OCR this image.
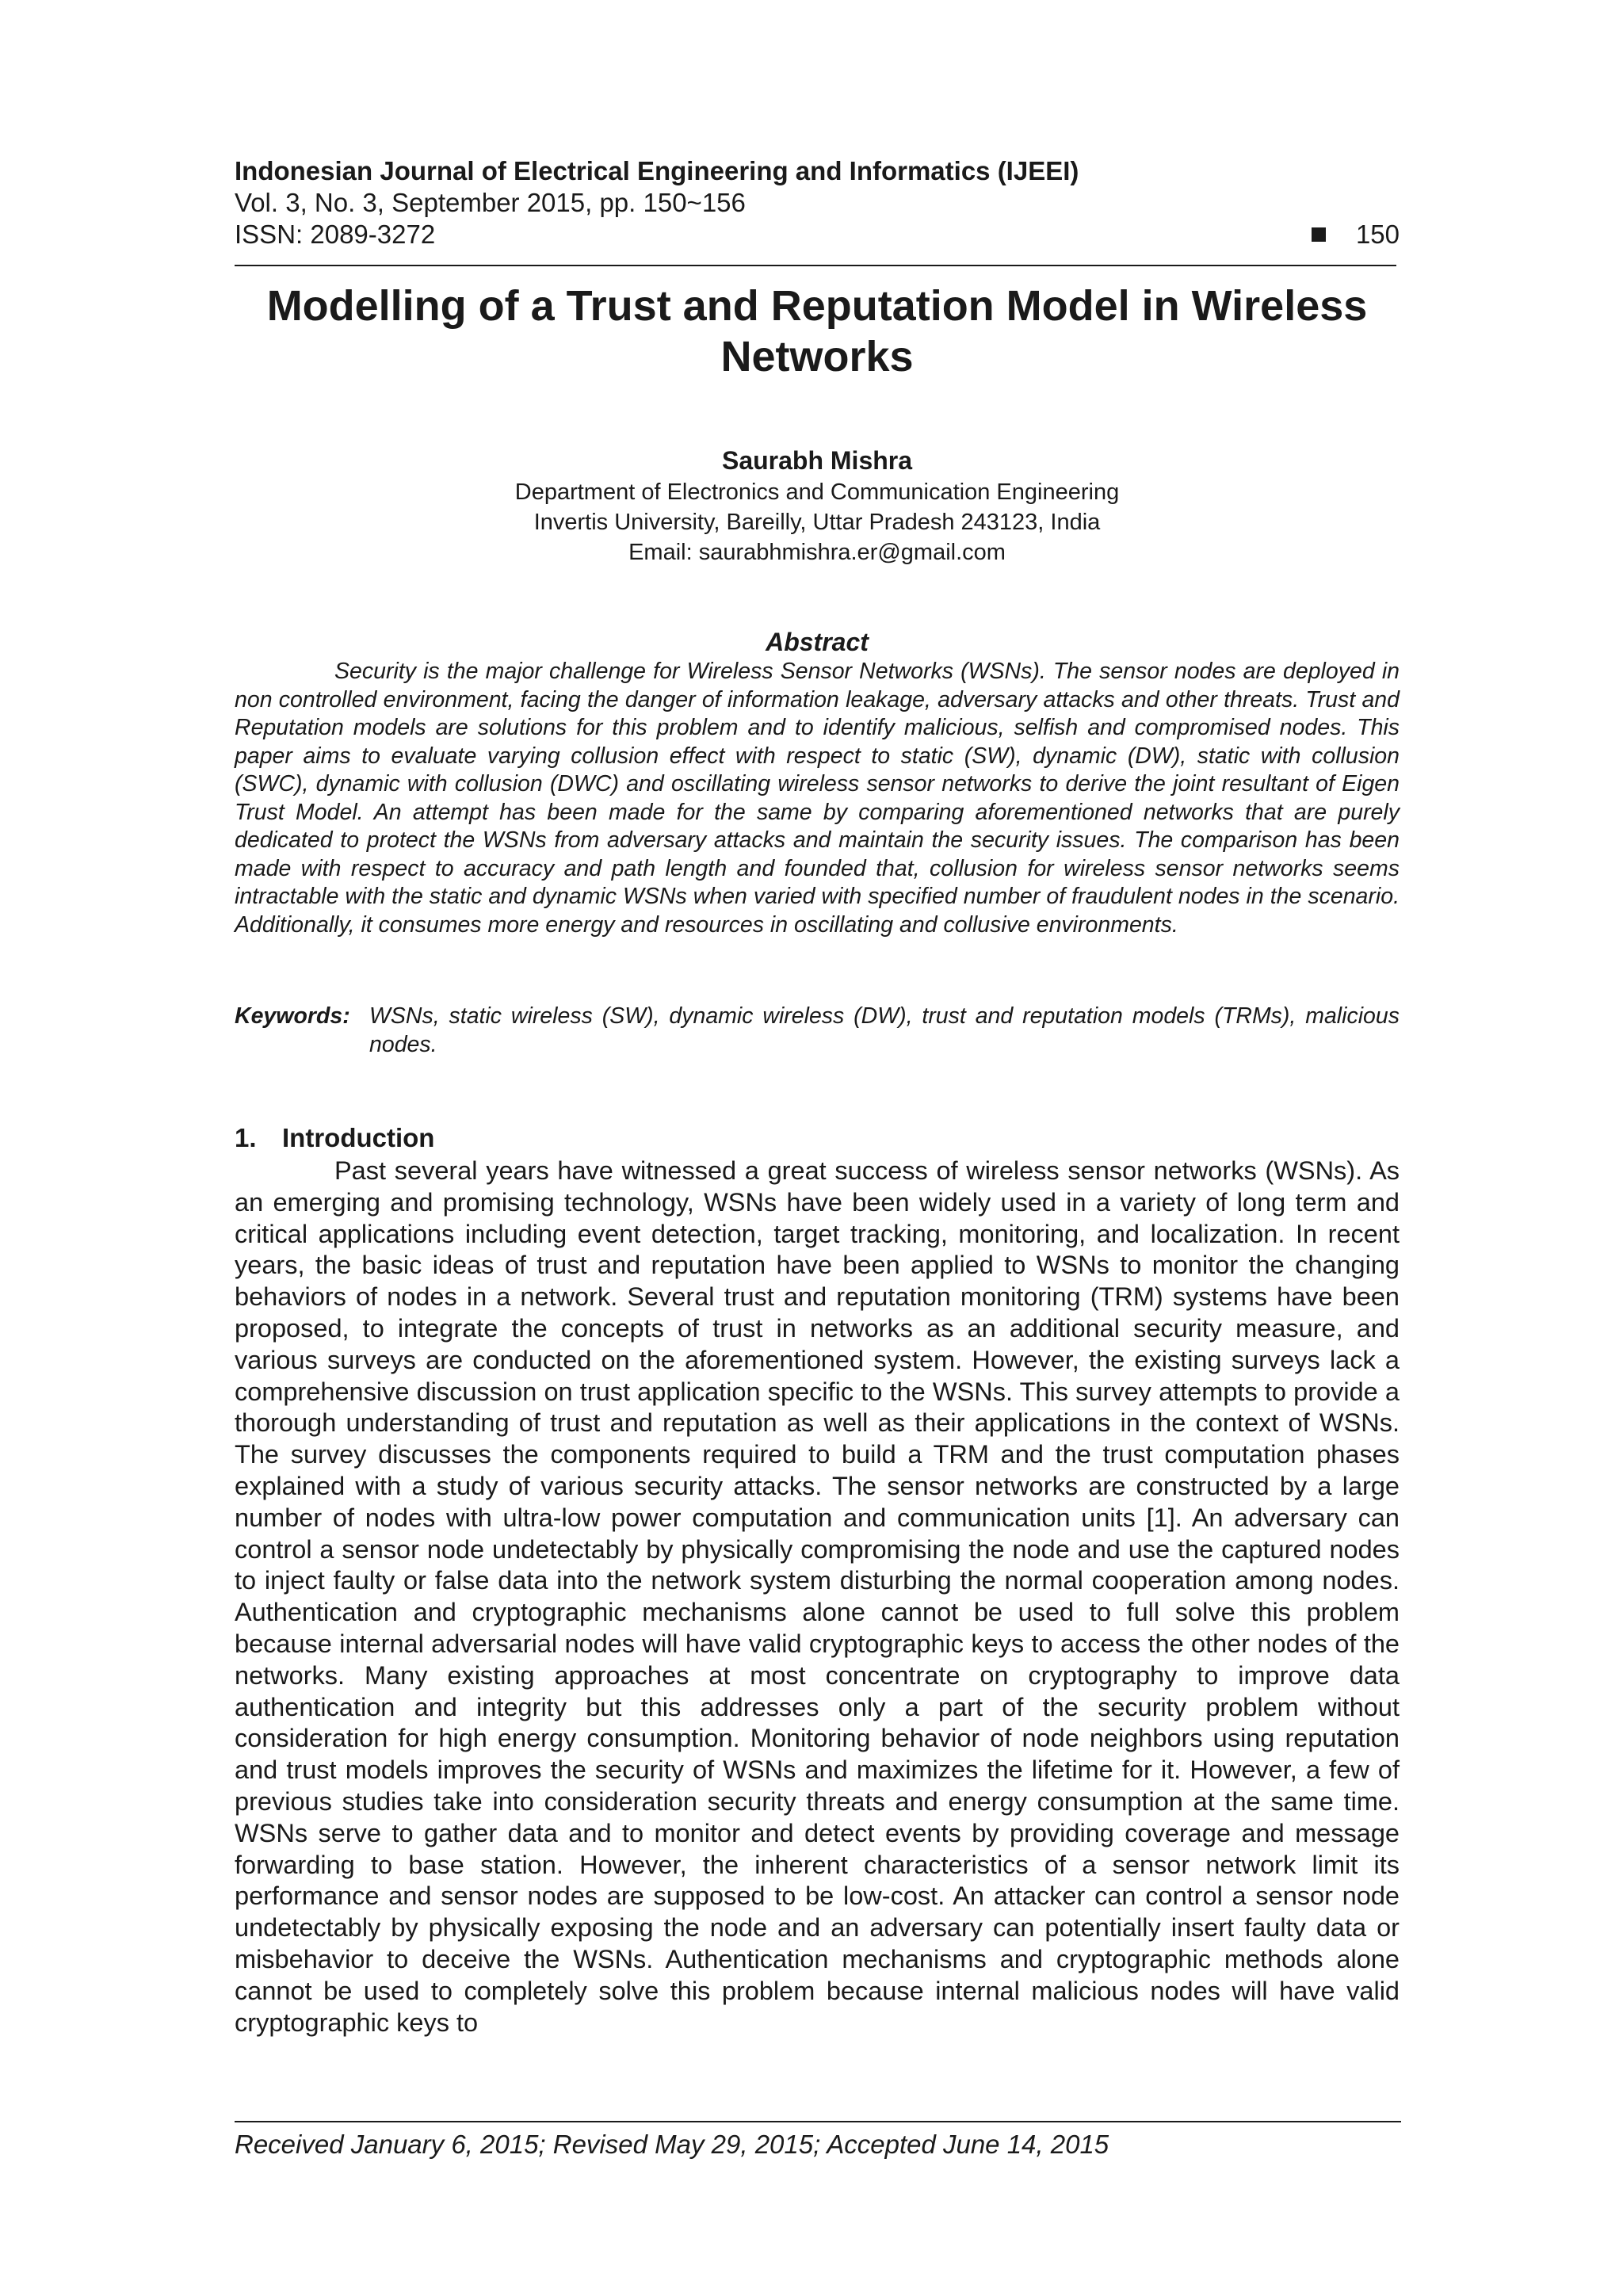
Indonesian Journal of Electrical Engineering and Informatics (IJEEI)
Vol. 3, No. 3, September 2015, pp. 150~156
ISSN: 2089-3272	150
Modelling of a Trust and Reputation Model in Wireless Networks
Saurabh Mishra
Department of Electronics and Communication Engineering
Invertis University, Bareilly, Uttar Pradesh 243123, India
Email: saurabhmishra.er@gmail.com
Abstract
Security is the major challenge for Wireless Sensor Networks (WSNs). The sensor nodes are deployed in non controlled environment, facing the danger of information leakage, adversary attacks and other threats. Trust and Reputation models are solutions for this problem and to identify malicious, selfish and compromised nodes. This paper aims to evaluate varying collusion effect with respect to static (SW), dynamic (DW), static with collusion (SWC), dynamic with collusion (DWC) and oscillating wireless sensor networks to derive the joint resultant of Eigen Trust Model. An attempt has been made for the same by comparing aforementioned networks that are purely dedicated to protect the WSNs from adversary attacks and maintain the security issues. The comparison has been made with respect to accuracy and path length and founded that, collusion for wireless sensor networks seems intractable with the static and dynamic WSNs when varied with specified number of fraudulent nodes in the scenario. Additionally, it consumes more energy and resources in oscillating and collusive environments.
Keywords: WSNs, static wireless (SW), dynamic wireless (DW), trust and reputation models (TRMs), malicious nodes.
1. Introduction
Past several years have witnessed a great success of wireless sensor networks (WSNs). As an emerging and promising technology, WSNs have been widely used in a variety of long term and critical applications including event detection, target tracking, monitoring, and localization. In recent years, the basic ideas of trust and reputation have been applied to WSNs to monitor the changing behaviors of nodes in a network. Several trust and reputation monitoring (TRM) systems have been proposed, to integrate the concepts of trust in networks as an additional security measure, and various surveys are conducted on the aforementioned system. However, the existing surveys lack a comprehensive discussion on trust application specific to the WSNs. This survey attempts to provide a thorough understanding of trust and reputation as well as their applications in the context of WSNs. The survey discusses the components required to build a TRM and the trust computation phases explained with a study of various security attacks. The sensor networks are constructed by a large number of nodes with ultra-low power computation and communication units [1]. An adversary can control a sensor node undetectably by physically compromising the node and use the captured nodes to inject faulty or false data into the network system disturbing the normal cooperation among nodes. Authentication and cryptographic mechanisms alone cannot be used to full solve this problem because internal adversarial nodes will have valid cryptographic keys to access the other nodes of the networks. Many existing approaches at most concentrate on cryptography to improve data authentication and integrity but this addresses only a part of the security problem without consideration for high energy consumption. Monitoring behavior of node neighbors using reputation and trust models improves the security of WSNs and maximizes the lifetime for it. However, a few of previous studies take into consideration security threats and energy consumption at the same time. WSNs serve to gather data and to monitor and detect events by providing coverage and message forwarding to base station. However, the inherent characteristics of a sensor network limit its performance and sensor nodes are supposed to be low-cost. An attacker can control a sensor node undetectably by physically exposing the node and an adversary can potentially insert faulty data or misbehavior to deceive the WSNs. Authentication mechanisms and cryptographic methods alone cannot be used to completely solve this problem because internal malicious nodes will have valid cryptographic keys to
Received January 6, 2015; Revised May 29, 2015; Accepted June 14, 2015
